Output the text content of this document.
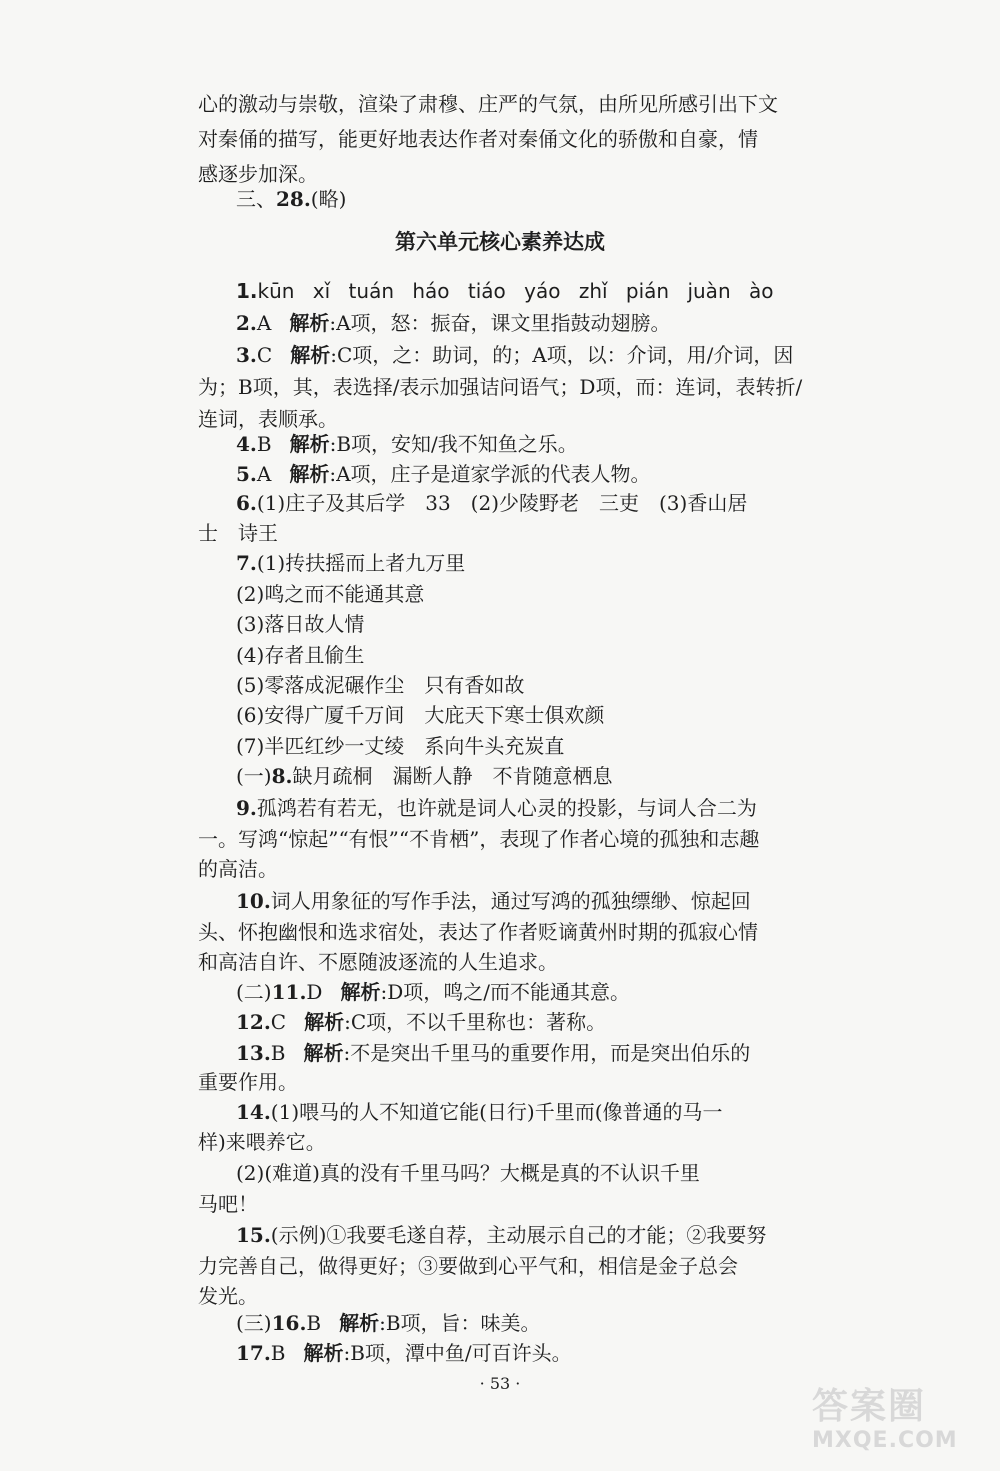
心的激动与崇敬，渲染了肃穆、庄严的气氛，由所见所感引出下文
对秦俑的描写，能更好地表达作者对秦俑文化的骄傲和自豪，情
感逐步加深。
三、28.(略)
第六单元核心素养达成
1.kūn xǐ tuán háo tiáo yáo zhǐ pián juàn ào
2.A 解析:A项，怒：振奋，课文里指鼓动翅膀。
3.C 解析:C项，之：助词，的；A项，以：介词，用/介词，因
为；B项，其，表选择/表示加强诘问语气；D项，而：连词，表转折/
连词，表顺承。
4.B 解析:B项，安知/我不知鱼之乐。
5.A 解析:A项，庄子是道家学派的代表人物。
6.(1)庄子及其后学　33　(2)少陵野老　三吏　(3)香山居
士　诗王
7.(1)抟扶摇而上者九万里
(2)鸣之而不能通其意
(3)落日故人情
(4)存者且偷生
(5)零落成泥碾作尘　只有香如故
(6)安得广厦千万间　大庇天下寒士俱欢颜
(7)半匹红纱一丈绫　系向牛头充炭直
(一)8.缺月疏桐　漏断人静　不肯随意栖息
9.孤鸿若有若无，也许就是词人心灵的投影，与词人合二为
一。写鸿“惊起”“有恨”“不肯栖”，表现了作者心境的孤独和志趣
的高洁。
10.词人用象征的写作手法，通过写鸿的孤独缥缈、惊起回
头、怀抱幽恨和选求宿处，表达了作者贬谪黄州时期的孤寂心情
和高洁自许、不愿随波逐流的人生追求。
(二)11.D 解析:D项，鸣之/而不能通其意。
12.C 解析:C项，不以千里称也：著称。
13.B 解析:不是突出千里马的重要作用，而是突出伯乐的
重要作用。
14.(1)喂马的人不知道它能(日行)千里而(像普通的马一
样)来喂养它。
(2)(难道)真的没有千里马吗？大概是真的不认识千里
马吧！
15.(示例)①我要毛遂自荐，主动展示自己的才能；②我要努
力完善自己，做得更好；③要做到心平气和，相信是金子总会
发光。
(三)16.B 解析:B项，旨：味美。
17.B 解析:B项，潭中鱼/可百许头。
· 53 ·
答案圈
MXQE.COM
